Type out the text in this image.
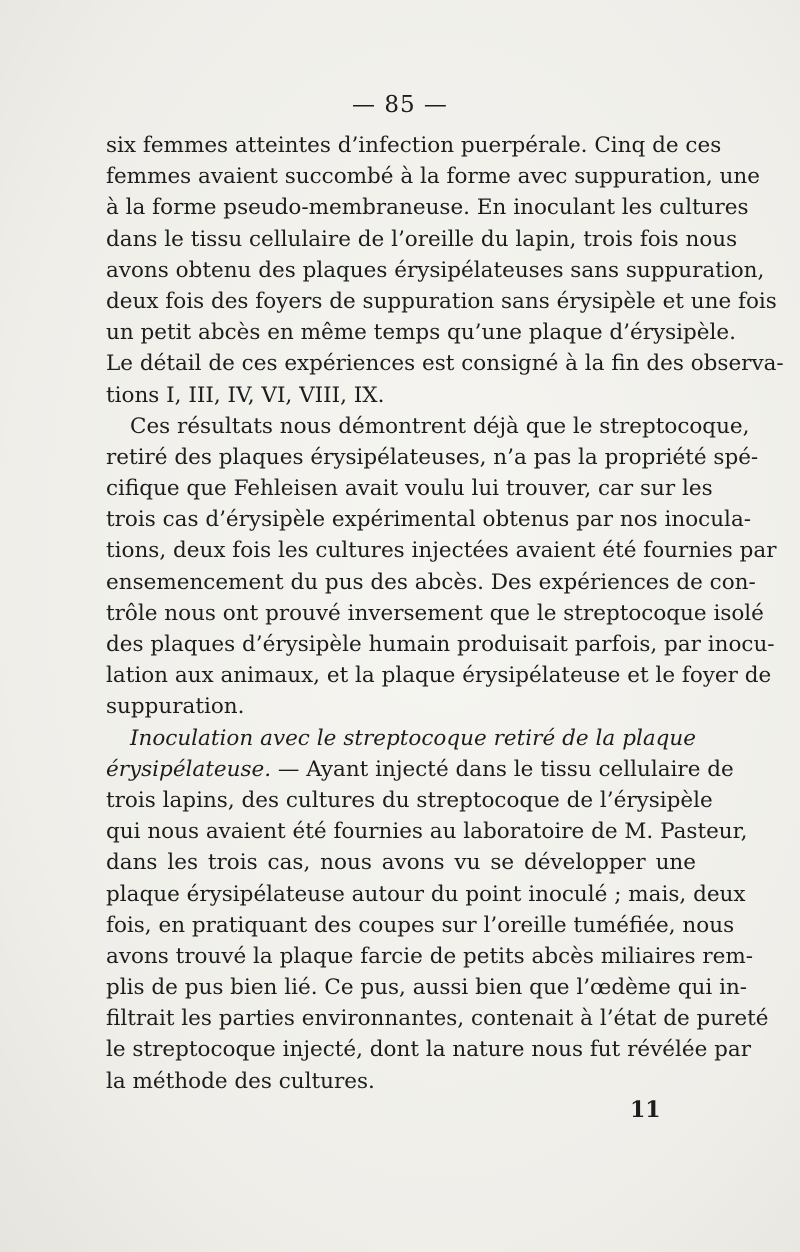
— 85 —
six femmes atteintes d’infection puerpérale. Cinq de ces
femmes avaient succombé à la forme avec suppuration, une
à la forme pseudo-membraneuse. En inoculant les cultures
dans le tissu cellulaire de l’oreille du lapin, trois fois nous
avons obtenu des plaques érysipélateuses sans suppuration,
deux fois des foyers de suppuration sans érysipèle et une fois
un petit abcès en même temps qu’une plaque d’érysipèle.
Le détail de ces expériences est consigné à la fin des observa-
tions I, III, IV, VI, VIII, IX.
Ces résultats nous démontrent déjà que le streptocoque,
retiré des plaques érysipélateuses, n’a pas la propriété spé-
cifique que Fehleisen avait voulu lui trouver, car sur les
trois cas d’érysipèle expérimental obtenus par nos inocula-
tions, deux fois les cultures injectées avaient été fournies par
ensemencement du pus des abcès. Des expériences de con-
trôle nous ont prouvé inversement que le streptocoque isolé
des plaques d’érysipèle humain produisait parfois, par inocu-
lation aux animaux, et la plaque érysipélateuse et le foyer de
suppuration.
Inoculation avec le streptocoque retiré de la plaque
érysipélateuse. — Ayant injecté dans le tissu cellulaire de
trois lapins, des cultures du streptocoque de l’érysipèle
qui nous avaient été fournies au laboratoire de M. Pasteur,
dans les trois cas, nous avons vu se développer une
plaque érysipélateuse autour du point inoculé ; mais, deux
fois, en pratiquant des coupes sur l’oreille tuméfiée, nous
avons trouvé la plaque farcie de petits abcès miliaires rem-
plis de pus bien lié. Ce pus, aussi bien que l’œdème qui in-
filtrait les parties environnantes, contenait à l’état de pureté
le streptocoque injecté, dont la nature nous fut révélée par
la méthode des cultures.
11
